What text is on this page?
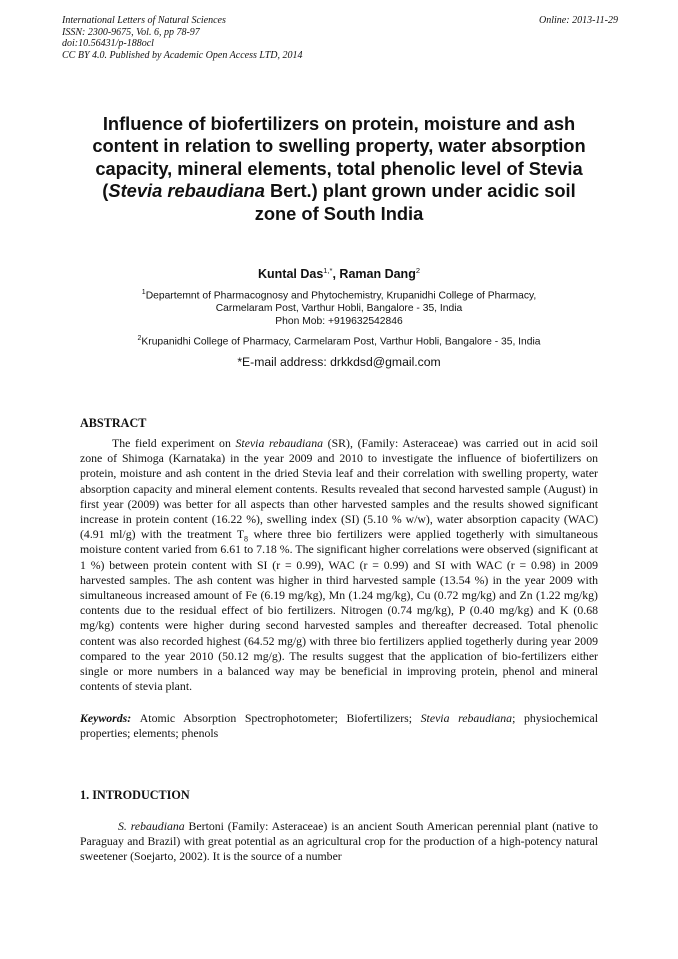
International Letters of Natural Sciences
ISSN: 2300-9675, Vol. 6, pp 78-97
doi:10.56431/p-188ocl
CC BY 4.0. Published by Academic Open Access LTD, 2014
Online: 2013-11-29
Influence of biofertilizers on protein, moisture and ash content in relation to swelling property, water absorption capacity, mineral elements, total phenolic level of Stevia (Stevia rebaudiana Bert.) plant grown under acidic soil zone of South India
Kuntal Das$^{1,*}$, Raman Dang$^2$
$^1$Departemnt of Pharmacognosy and Phytochemistry, Krupanidhi College of Pharmacy,
Carmelaram Post, Varthur Hobli, Bangalore - 35, India
Phon Mob: +919632542846
$^2$Krupanidhi College of Pharmacy, Carmelaram Post, Varthur Hobli, Bangalore - 35, India
*E-mail address: drkkdsd@gmail.com
ABSTRACT

The field experiment on Stevia rebaudiana (SR), (Family: Asteraceae) was carried out in acid soil zone of Shimoga (Karnataka) in the year 2009 and 2010 to investigate the influence of biofertilizers on protein, moisture and ash content in the dried Stevia leaf and their correlation with swelling property, water absorption capacity and mineral element contents. Results revealed that second harvested sample (August) in first year (2009) was better for all aspects than other harvested samples and the results showed significant increase in protein content (16.22 %), swelling index (SI) (5.10 % w/w), water absorption capacity (WAC) (4.91 ml/g) with the treatment $T_8$ where three bio fertilizers were applied togetherly with simultaneous moisture content varied from 6.61 to 7.18 %. The significant higher correlations were observed (significant at 1 %) between protein content with SI (r = 0.99), WAC (r = 0.99) and SI with WAC (r = 0.98) in 2009 harvested samples. The ash content was higher in third harvested sample (13.54 %) in the year 2009 with simultaneous increased amount of Fe (6.19 mg/kg), Mn (1.24 mg/kg), Cu (0.72 mg/kg) and Zn (1.22 mg/kg) contents due to the residual effect of bio fertilizers. Nitrogen (0.74 mg/kg), P (0.40 mg/kg) and K (0.68 mg/kg) contents were higher during second harvested samples and thereafter decreased. Total phenolic content was also recorded highest (64.52 mg/g) with three bio fertilizers applied togetherly during year 2009 compared to the year 2010 (50.12 mg/g). The results suggest that the application of bio-fertilizers either single or more numbers in a balanced way may be beneficial in improving protein, phenol and mineral contents of stevia plant.

Keywords: Atomic Absorption Spectrophotometer; Biofertilizers; Stevia rebaudiana; physiochemical properties; elements; phenols
1. INTRODUCTION

S. rebaudiana Bertoni (Family: Asteraceae) is an ancient South American perennial plant (native to Paraguay and Brazil) with great potential as an agricultural crop for the production of a high-potency natural sweetener (Soejarto, 2002). It is the source of a number
